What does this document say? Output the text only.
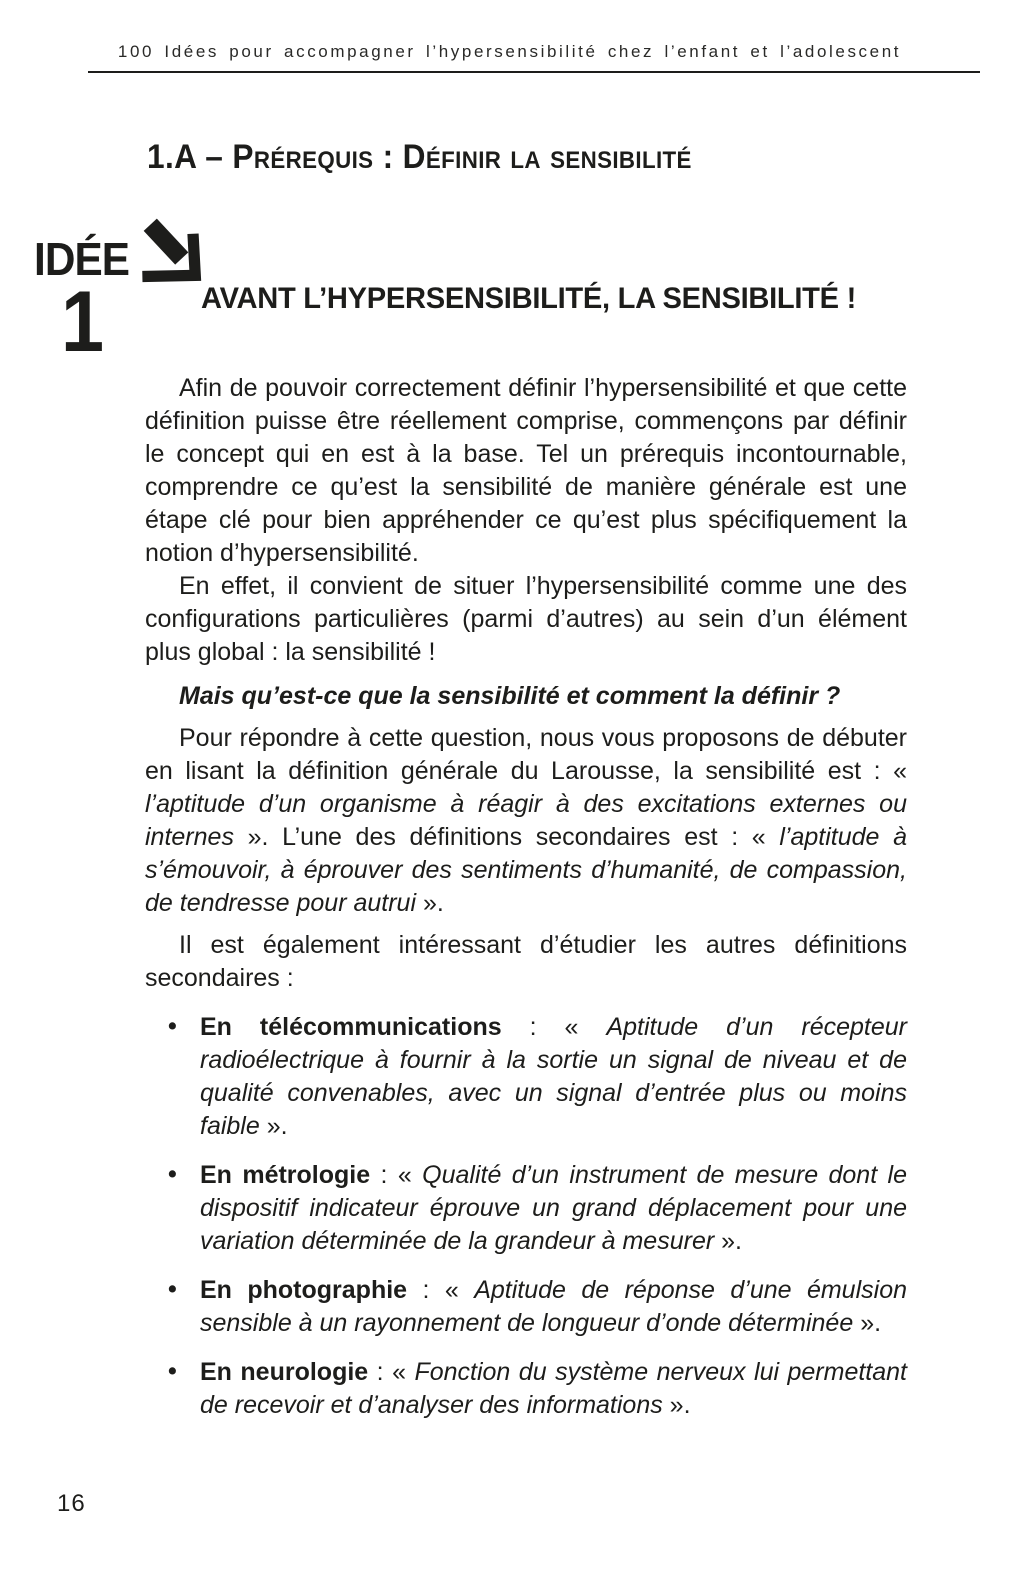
100 Idées pour accompagner l’hypersensibilité chez l’enfant et l’adolescent
1.A – Prérequis : Définir la sensibilité
IDÉE
1	AVANT L’HYPERSENSIBILITÉ, LA SENSIBILITÉ !

Afin de pouvoir correctement définir l’hypersensibilité et que cette définition puisse être réellement comprise, commençons par définir le concept qui en est à la base. Tel un prérequis incontournable, comprendre ce qu’est la sensibilité de manière générale est une étape clé pour bien appréhender ce qu’est plus spécifiquement la notion d’hypersensibilité.

En effet, il convient de situer l’hypersensibilité comme une des configurations particulières (parmi d’autres) au sein d’un élément plus global : la sensibilité !

Mais qu’est-ce que la sensibilité et comment la définir ?

Pour répondre à cette question, nous vous proposons de débuter en lisant la définition générale du Larousse, la sensibilité est : « l’aptitude d’un organisme à réagir à des excitations externes ou internes ». L’une des définitions secondaires est : « l’aptitude à s’émouvoir, à éprouver des sentiments d’humanité, de compassion, de tendresse pour autrui ».

Il est également intéressant d’étudier les autres définitions secondaires :

• En télécommunications : « Aptitude d’un récepteur radioélectrique à fournir à la sortie un signal de niveau et de qualité convenables, avec un signal d’entrée plus ou moins faible ».
• En métrologie : « Qualité d’un instrument de mesure dont le dispositif indicateur éprouve un grand déplacement pour une variation déterminée de la grandeur à mesurer ».
• En photographie : « Aptitude de réponse d’une émulsion sensible à un rayonnement de longueur d’onde déterminée ».
• En neurologie : « Fonction du système nerveux lui permettant de recevoir et d’analyser des informations ».
16
